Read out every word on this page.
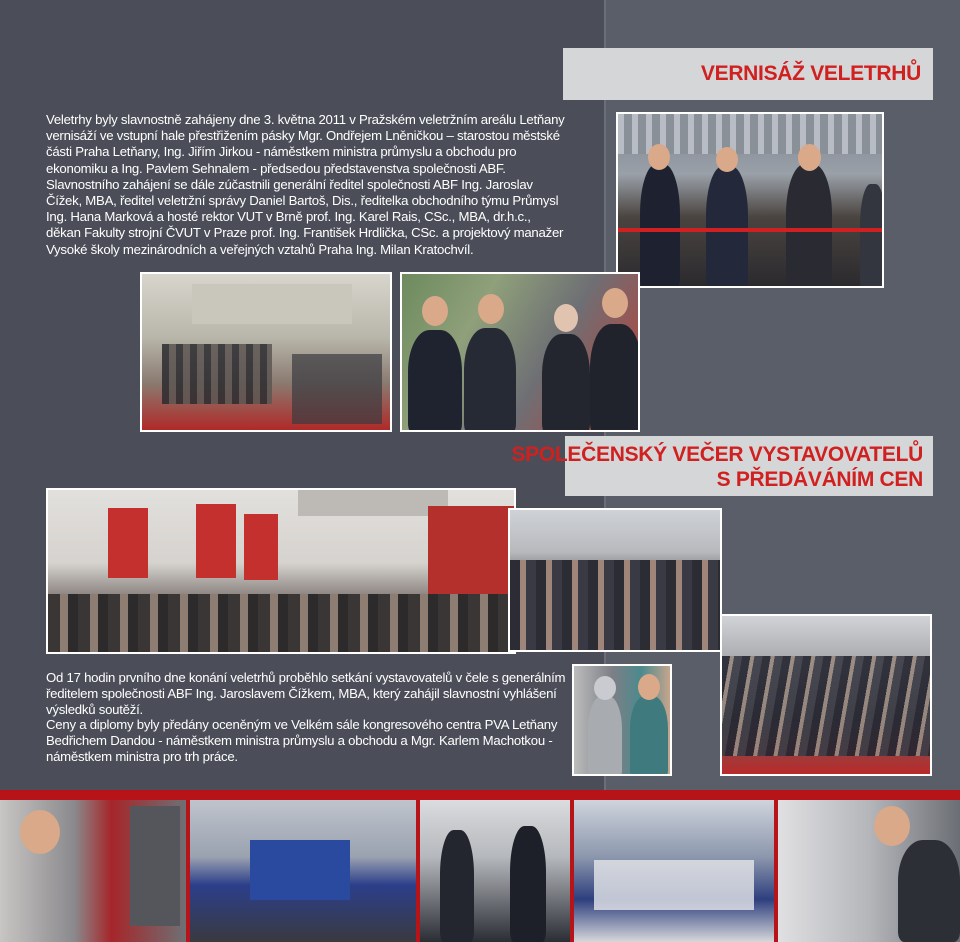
VERNISÁŽ VELETRHŮ
Veletrhy byly slavnostně zahájeny dne 3. května 2011 v Pražském veletržním areálu Letňany vernisáží ve vstupní hale přestřižením pásky Mgr. Ondřejem Lněničkou – starostou městské části Praha Letňany, Ing. Jiřím Jirkou - náměstkem ministra průmyslu a obchodu pro ekonomiku a Ing. Pavlem Sehnalem - předsedou představenstva společnosti ABF. Slavnostního zahájení se dále zúčastnili generální ředitel společnosti ABF Ing. Jaroslav Čížek, MBA, ředitel veletržní správy Daniel Bartoš, Dis., ředitelka obchodního týmu Průmysl Ing. Hana Marková a hosté rektor VUT v Brně prof. Ing. Karel Rais, CSc., MBA, dr.h.c., děkan Fakulty strojní ČVUT v Praze prof. Ing. František Hrdlička, CSc. a projektový manažer Vysoké školy mezinárodních a veřejných vztahů Praha Ing. Milan Kratochvíl.
SPOLEČENSKÝ VEČER VYSTAVOVATELŮ
S PŘEDÁVÁNÍM CEN
Od 17 hodin prvního dne konání veletrhů proběhlo setkání vystavovatelů v čele s generálním ředitelem společnosti ABF Ing. Jaroslavem Čížkem, MBA, který zahájil slavnostní vyhlášení výsledků soutěží.
Ceny a diplomy byly předány oceněným ve Velkém sále kongresového centra PVA Letňany Bedřichem Dandou - náměstkem ministra průmyslu a obchodu a Mgr. Karlem Machotkou - náměstkem ministra pro trh práce.
